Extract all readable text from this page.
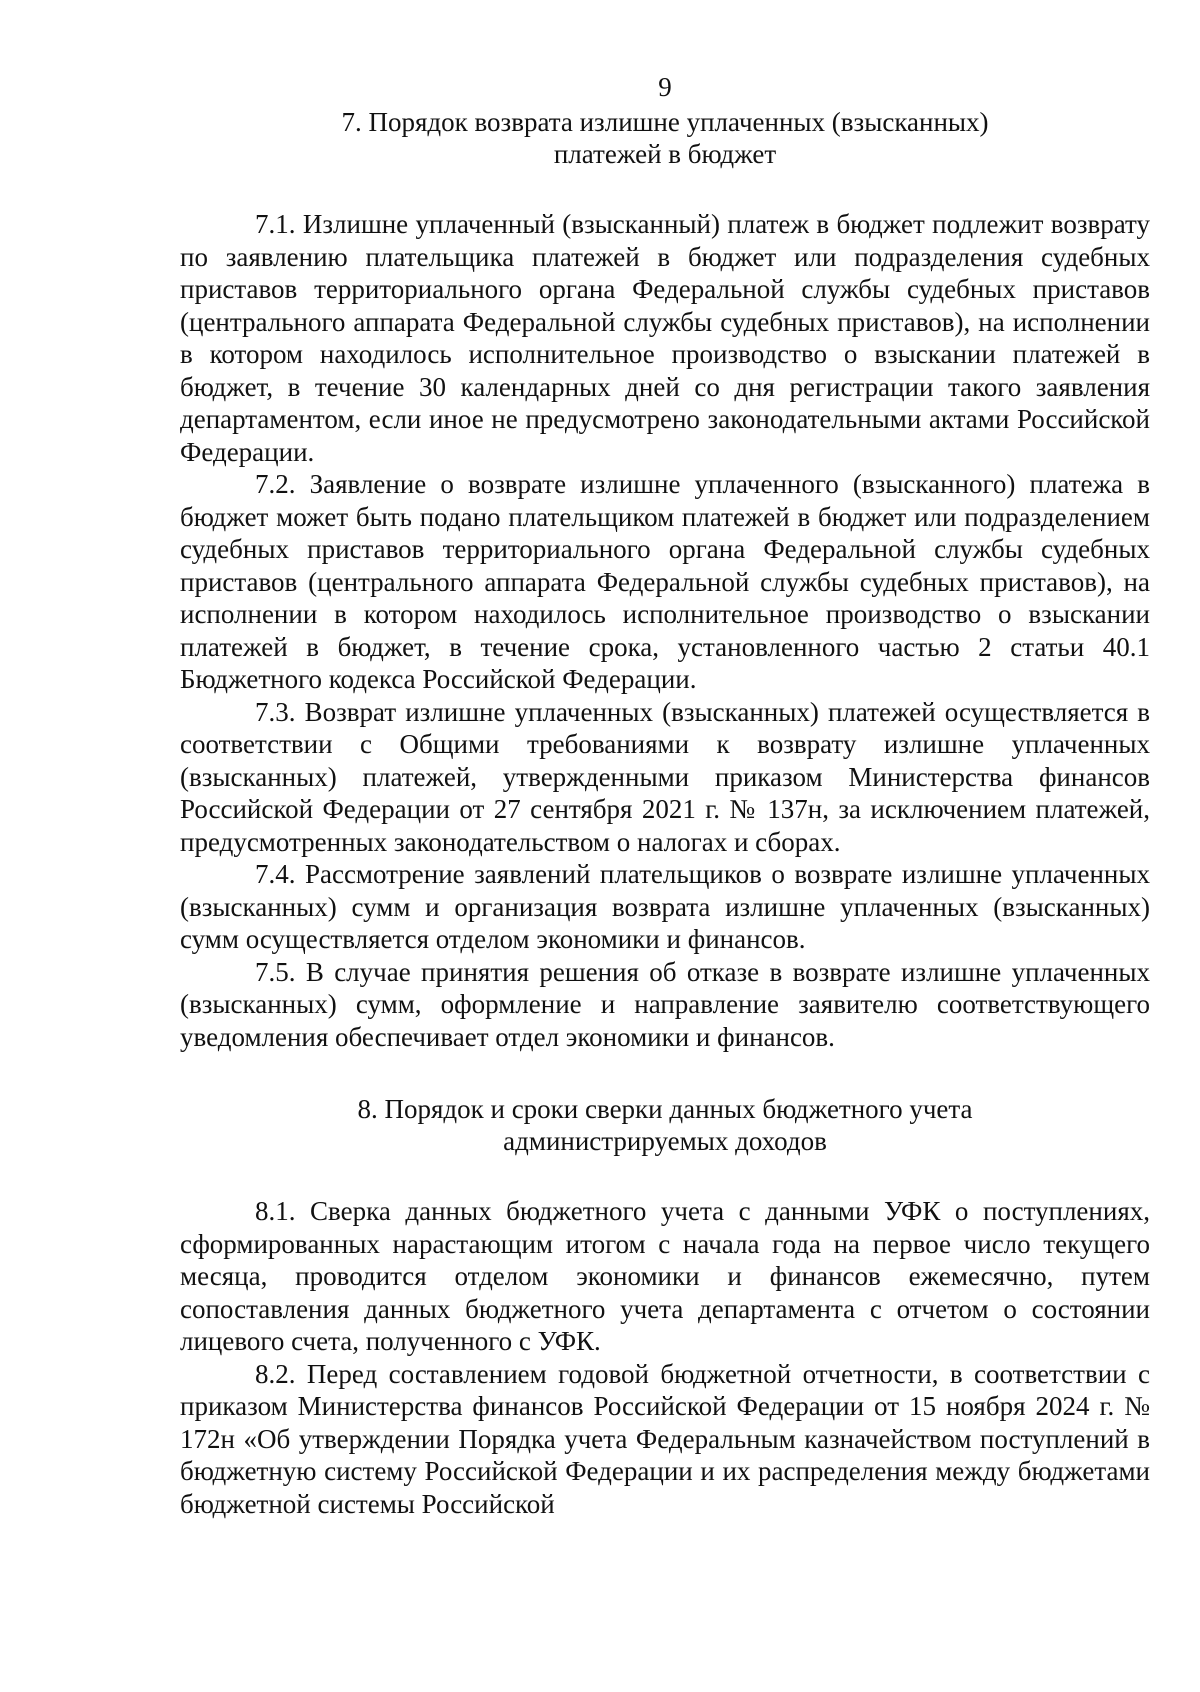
9
7. Порядок возврата излишне уплаченных (взысканных)
платежей в бюджет

7.1. Излишне уплаченный (взысканный) платеж в бюджет подлежит возврату по заявлению плательщика платежей в бюджет или подразделения судебных приставов территориального органа Федеральной службы судебных приставов (центрального аппарата Федеральной службы судебных приставов), на исполнении в котором находилось исполнительное производство о взыскании платежей в бюджет, в течение 30 календарных дней со дня регистрации такого заявления департаментом, если иное не предусмотрено законодательными актами Российской Федерации.

7.2. Заявление о возврате излишне уплаченного (взысканного) платежа в бюджет может быть подано плательщиком платежей в бюджет или подразделением судебных приставов территориального органа Федеральной службы судебных приставов (центрального аппарата Федеральной службы судебных приставов), на исполнении в котором находилось исполнительное производство о взыскании платежей в бюджет, в течение срока, установленного частью 2 статьи 40.1 Бюджетного кодекса Российской Федерации.

7.3. Возврат излишне уплаченных (взысканных) платежей осуществляется в соответствии с Общими требованиями к возврату излишне уплаченных (взысканных) платежей, утвержденными приказом Министерства финансов Российской Федерации от 27 сентября 2021 г. № 137н, за исключением платежей, предусмотренных законодательством о налогах и сборах.

7.4. Рассмотрение заявлений плательщиков о возврате излишне уплаченных (взысканных) сумм и организация возврата излишне уплаченных (взысканных) сумм осуществляется отделом экономики и финансов.

7.5. В случае принятия решения об отказе в возврате излишне уплаченных (взысканных) сумм, оформление и направление заявителю соответствующего уведомления обеспечивает отдел экономики и финансов.

8. Порядок и сроки сверки данных бюджетного учета
администрируемых доходов

8.1. Сверка данных бюджетного учета с данными УФК о поступлениях, сформированных нарастающим итогом с начала года на первое число текущего месяца, проводится отделом экономики и финансов ежемесячно, путем сопоставления данных бюджетного учета департамента с отчетом о состоянии лицевого счета, полученного с УФК.

8.2. Перед составлением годовой бюджетной отчетности, в соответствии с приказом Министерства финансов Российской Федерации от 15 ноября 2024 г. № 172н «Об утверждении Порядка учета Федеральным казначейством поступлений в бюджетную систему Российской Федерации и их распределения между бюджетами бюджетной системы Российской
